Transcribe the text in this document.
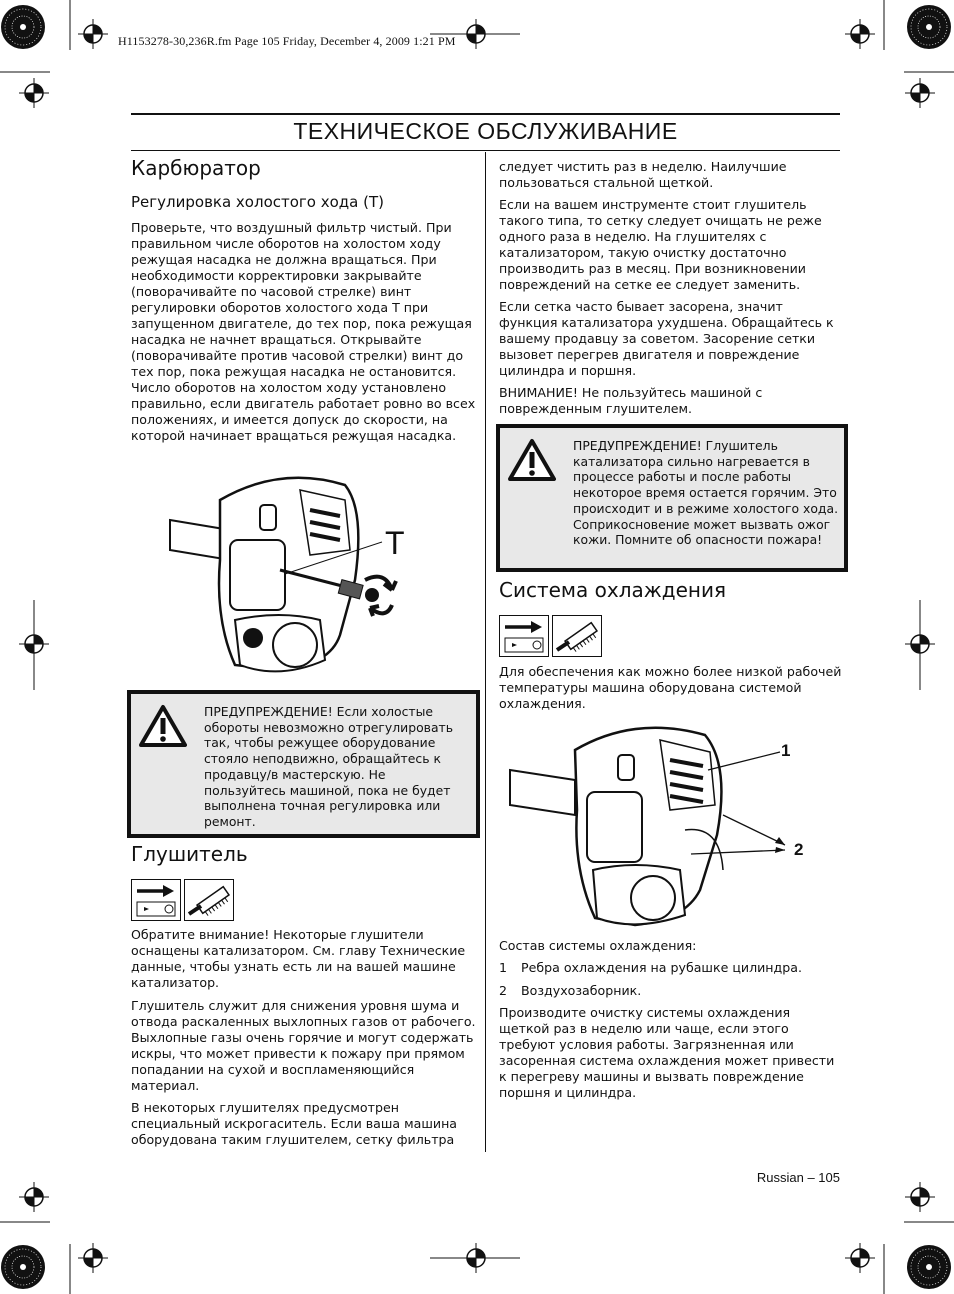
H1153278-30,236R.fm Page 105 Friday, December 4, 2009 1:21 PM
ТЕХНИЧЕСКОЕ ОБСЛУЖИВАНИЕ
Карбюратор
Регулировка холостого хода (T)

Проверьте, что воздушный фильтр чистый. При правильном числе оборотов на холостом ходу режущая насадка не должна вращаться. При необходимости корректировки закрывайте (поворачивайте по часовой стрелке) винт регулировки оборотов холостого хода T при запущенном двигателе, до тех пор, пока режущая насадка не начнет вращаться. Открывайте (поворачивайте против часовой стрелки) винт до тех пор, пока режущая насадка не остановится. Число оборотов на холостом ходу установлено правильно, если двигатель работает ровно во всех положениях, и имеется допуск до скорости, на которой начинает вращаться режущая насадка.

T
ПРЕДУПРЕЖДЕНИЕ! Если холостые обороты невозможно отрегулировать так, чтобы режущее оборудование стояло неподвижно, обращайтесь к продавцу/в мастерскую. Не пользуйтесь машиной, пока не будет выполнена точная регулировка или ремонт.
Глушитель

Обратите внимание! Некоторые глушители оснащены катализатором. См. главу Технические данные, чтобы узнать есть ли на вашей машине катализатор.

Глушитель служит для снижения уровня шума и отвода раскаленных выхлопных газов от рабочего. Выхлопные газы очень горячие и могут содержать искры, что может привести к пожару при прямом попадании на сухой и воспламеняющийся материал.

В некоторых глушителях предусмотрен специальный искрогаситель. Если ваша машина оборудована таким глушителем, сетку фильтра

следует чистить раз в неделю. Наилучшие пользоваться стальной щеткой.

Если на вашем инструменте стоит глушитель такого типа, то сетку следует очищать не реже одного раза в неделю. На глушителях с катализатором, такую очистку достаточно производить раз в месяц. При возникновении повреждений на сетке ее следует заменить.

Если сетка часто бывает засорена, значит функция катализатора ухудшена. Обращайтесь к вашему продавцу за советом. Засорение сетки вызовет перегрев двигателя и повреждение цилиндра и поршня.

ВНИМАНИЕ! Не пользуйтесь машиной с поврежденным глушителем.

ПРЕДУПРЕЖДЕНИЕ! Глушитель катализатора сильно нагревается в процессе работы и после работы некоторое время остается горячим. Это происходит и в режиме холостого хода. Соприкосновение может вызвать ожог кожи. Помните об опасности пожара!
Система охлаждения

Для обеспечения как можно более низкой рабочей температуры машина оборудована системой охлаждения.

1
2

Состав системы охлаждения:

1 Ребра охлаждения на рубашке цилиндра.
2 Воздухозаборник.

Производите очистку системы охлаждения щеткой раз в неделю или чаще, если этого требуют условия работы. Загрязненная или засоренная система охлаждения может привести к перегреву машины и вызвать повреждение поршня и цилиндра.

Russian – 105
